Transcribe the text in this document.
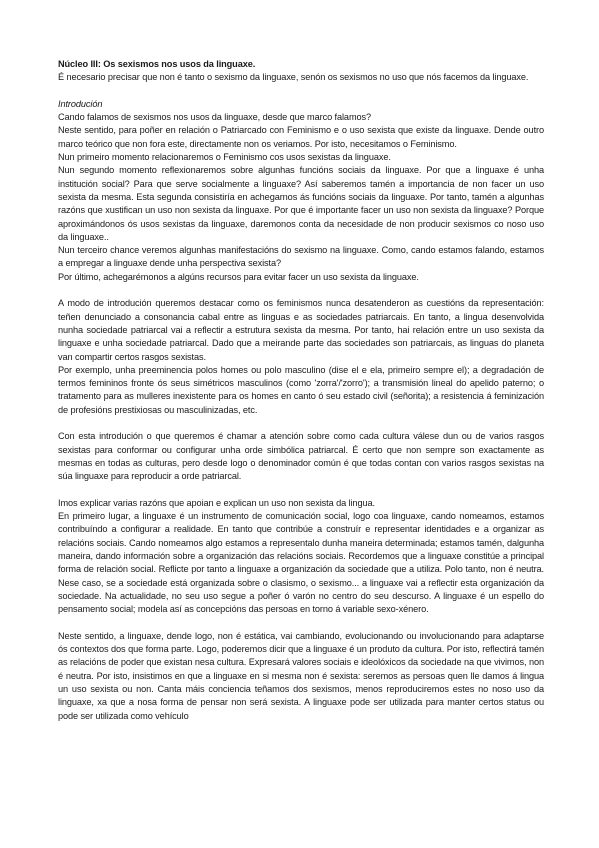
Núcleo III: Os sexismos nos usos da linguaxe.

É necesario precisar que non é tanto o sexismo da linguaxe, senón os sexismos no uso que nós facemos da linguaxe.

Introdución

Cando falamos de sexismos nos usos da linguaxe, desde que marco falamos?

Neste sentido, para poñer en relación o Patriarcado con Feminismo e o uso sexista que existe da linguaxe. Dende outro marco teórico que non fora este, directamente non os veriamos. Por isto, necesitamos o Feminismo.

Nun primeiro momento relacionaremos o Feminismo cos usos sexistas da linguaxe.

Nun segundo momento reflexionaremos sobre algunhas funcións sociais da linguaxe. Por que a linguaxe é unha institución social? Para que serve socialmente a linguaxe? Así saberemos tamén a importancia de non facer un uso sexista da mesma. Esta segunda consistiría en achegarnos ás funcións sociais da linguaxe. Por tanto, tamén a algunhas razóns que xustifican un uso non sexista da linguaxe. Por que é importante facer un uso non sexista da linguaxe? Porque aproximándonos ós usos sexistas da linguaxe, daremonos conta da necesidade de non producir sexismos co noso uso da linguaxe..

Nun terceiro chance veremos algunhas manifestacións do sexismo na linguaxe. Como, cando estamos falando, estamos a empregar a linguaxe dende unha perspectiva sexista?

Por último, achegarémonos a algúns recursos para evitar facer un uso sexista da linguaxe.

A modo de introdución queremos destacar como os feminismos nunca desatenderon as cuestións da representación: teñen denunciado a consonancia cabal entre as linguas e as sociedades patriarcais. En tanto, a lingua desenvolvida nunha sociedade patriarcal vai a reflectir a estrutura sexista da mesma. Por tanto, hai relación entre un uso sexista da linguaxe e unha sociedade patriarcal. Dado que a meirande parte das sociedades son patriarcais, as linguas do planeta van compartir certos rasgos sexistas.

Por exemplo, unha preeminencia polos homes ou polo masculino (dise el e ela, primeiro sempre el); a degradación de termos femininos fronte ós seus simétricos masculinos (como 'zorra'/'zorro'); a transmisión lineal do apelido paterno; o tratamento para as mulleres inexistente para os homes en canto ó seu estado civil (señorita); a resistencia á feminización de profesións prestixiosas ou masculinizadas, etc.

Con esta introdución o que queremos é chamar a atención sobre como cada cultura válese dun ou de varios rasgos sexistas para conformar ou configurar unha orde simbólica patriarcal. É certo que non sempre son exactamente as mesmas en todas as culturas, pero desde logo o denominador común é que todas contan con varios rasgos sexistas na súa linguaxe para reproducir a orde patriarcal.

Imos explicar varias razóns que apoian e explican un uso non sexista da lingua.

En primeiro lugar, a linguaxe é un instrumento de comunicación social, logo coa linguaxe, cando nomeamos, estamos contribuíndo a configurar a realidade. En tanto que contribúe a construír e representar identidades e a organizar as relacións sociais. Cando nomeamos algo estamos a representalo dunha maneira determinada; estamos tamén, dalgunha maneira, dando información sobre a organización das relacións sociais. Recordemos que a linguaxe constitúe a principal forma de relación social. Reflicte por tanto a linguaxe a organización da sociedade que a utiliza. Polo tanto, non é neutra. Nese caso, se a sociedade está organizada sobre o clasismo, o sexismo... a linguaxe vai a reflectir esta organización da sociedade. Na actualidade, no seu uso segue a poñer ó varón no centro do seu descurso. A linguaxe é un espello do pensamento social; modela así as concepcións das persoas en torno á variable sexo-xénero.

Neste sentido, a linguaxe, dende logo, non é estática, vai cambiando, evolucionando ou involucionando para adaptarse ós contextos dos que forma parte. Logo, poderemos dicir que a linguaxe é un produto da cultura. Por isto, reflectirá tamén as relacións de poder que existan nesa cultura. Expresará valores sociais e ideolóxicos da sociedade na que vivimos, non é neutra. Por isto, insistimos en que a linguaxe en si mesma non é sexista: seremos as persoas quen lle damos á lingua un uso sexista ou non. Canta máis conciencia teñamos dos sexismos, menos reproduciremos estes no noso uso da linguaxe, xa que a nosa forma de pensar non será sexista. A linguaxe pode ser utilizada para manter certos status ou pode ser utilizada como vehículo
